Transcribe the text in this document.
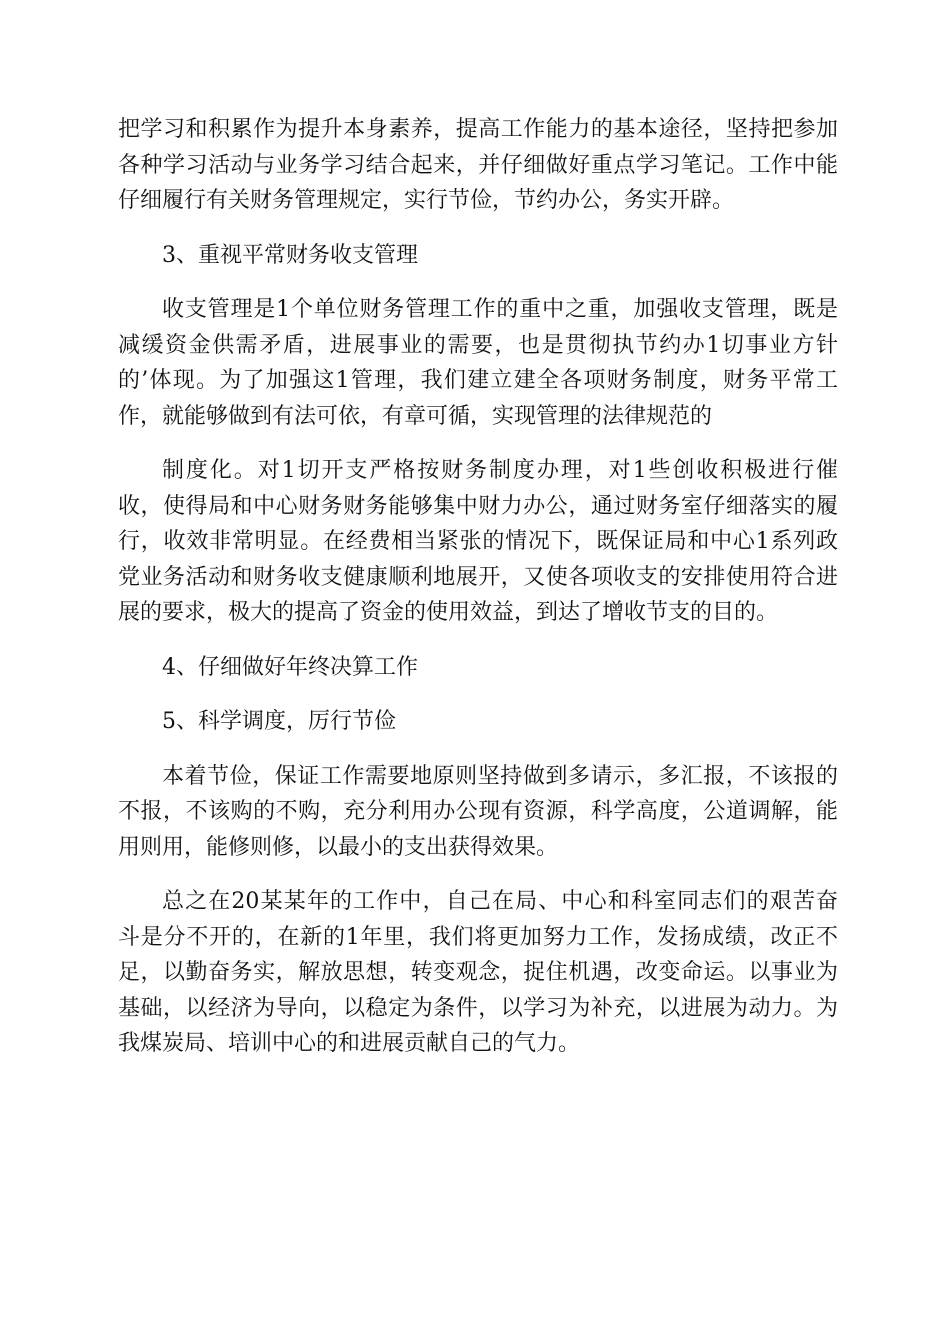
把学习和积累作为提升本身素养，提高工作能力的基本途径，坚持把参加
各种学习活动与业务学习结合起来，并仔细做好重点学习笔记。工作中能
仔细履行有关财务管理规定，实行节俭，节约办公，务实开辟。

3、重视平常财务收支管理

收支管理是1个单位财务管理工作的重中之重，加强收支管理，既是
减缓资金供需矛盾，进展事业的需要，也是贯彻执节约办1切事业方针
的’体现。为了加强这1管理，我们建立建全各项财务制度，财务平常工
作，就能够做到有法可依，有章可循，实现管理的法律规范的

制度化。对1切开支严格按财务制度办理，对1些创收积极进行催
收，使得局和中心财务财务能够集中财力办公，通过财务室仔细落实的履
行，收效非常明显。在经费相当紧张的情况下，既保证局和中心1系列政
党业务活动和财务收支健康顺利地展开，又使各项收支的安排使用符合进
展的要求，极大的提高了资金的使用效益，到达了增收节支的目的。

4、仔细做好年终决算工作

5、科学调度，厉行节俭

本着节俭，保证工作需要地原则坚持做到多请示，多汇报，不该报的
不报，不该购的不购，充分利用办公现有资源，科学高度，公道调解，能
用则用，能修则修，以最小的支出获得效果。

总之在20某某年的工作中，自己在局、中心和科室同志们的艰苦奋
斗是分不开的，在新的1年里，我们将更加努力工作，发扬成绩，改正不
足，以勤奋务实，解放思想，转变观念，捉住机遇，改变命运。以事业为
基础，以经济为导向，以稳定为条件，以学习为补充，以进展为动力。为
我煤炭局、培训中心的和进展贡献自己的气力。
